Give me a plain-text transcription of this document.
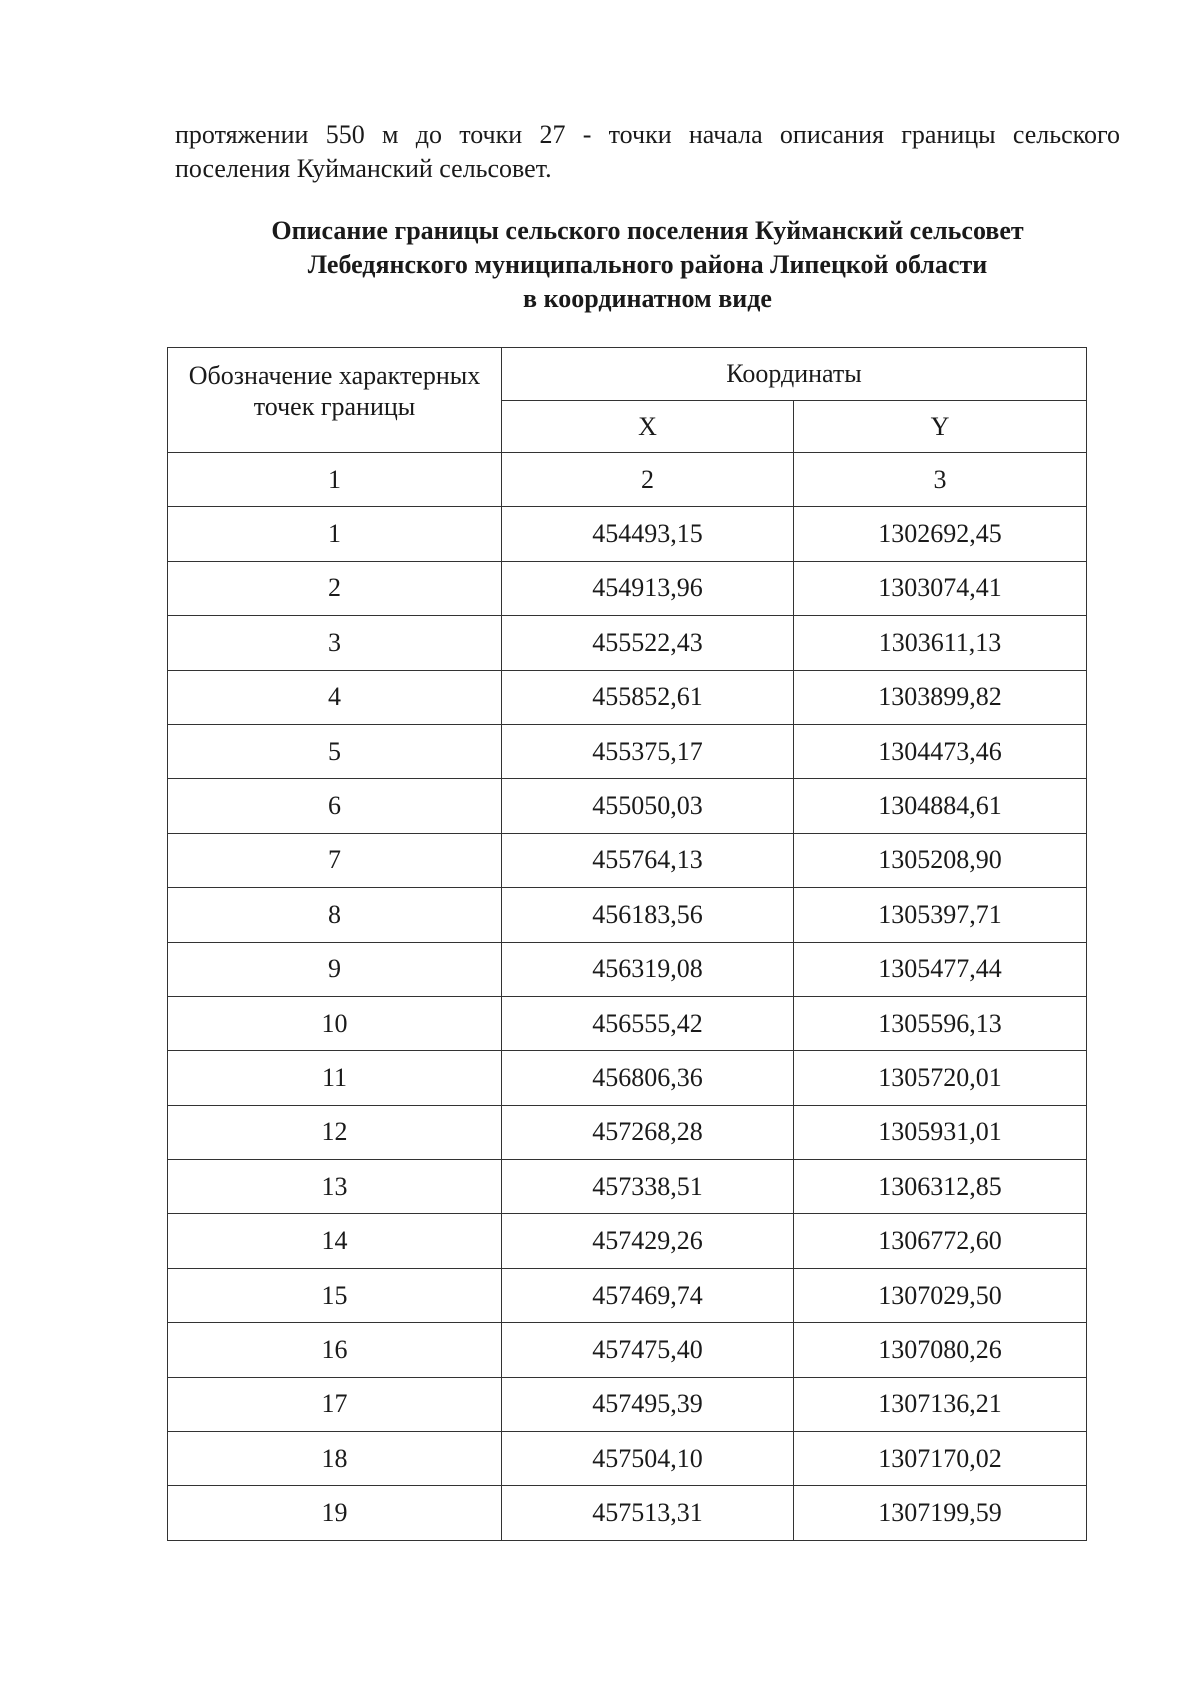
протяжении 550 м до точки 27 - точки начала описания границы сельского
поселения Куйманский сельсовет.

Описание границы сельского поселения Куйманский сельсовет
Лебедянского муниципального района Липецкой области
в координатном виде
Обозначение характерных точек границы	Координаты	
	X	Y
1	2	3
1	454493,15	1302692,45
2	454913,96	1303074,41
3	455522,43	1303611,13
4	455852,61	1303899,82
5	455375,17	1304473,46
6	455050,03	1304884,61
7	455764,13	1305208,90
8	456183,56	1305397,71
9	456319,08	1305477,44
10	456555,42	1305596,13
11	456806,36	1305720,01
12	457268,28	1305931,01
13	457338,51	1306312,85
14	457429,26	1306772,60
15	457469,74	1307029,50
16	457475,40	1307080,26
17	457495,39	1307136,21
18	457504,10	1307170,02
19	457513,31	1307199,59
